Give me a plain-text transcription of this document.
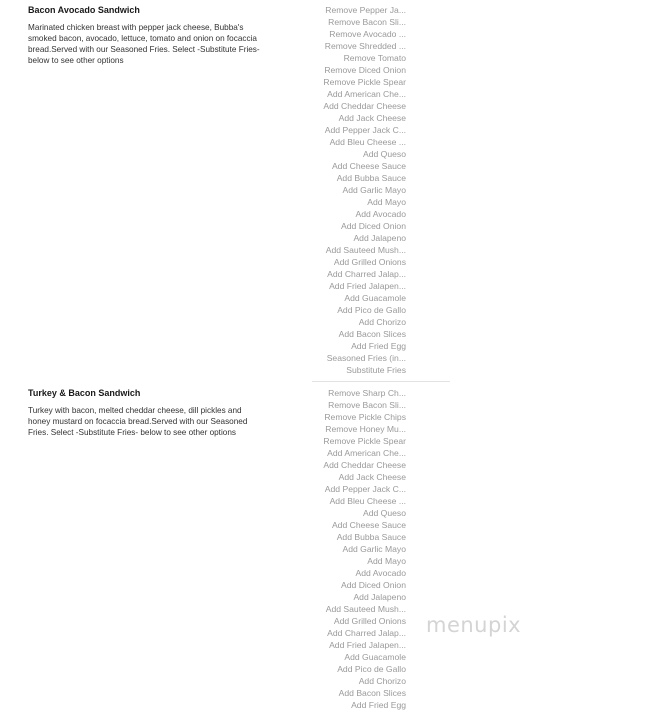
Bacon Avocado Sandwich
Marinated chicken breast with pepper jack cheese, Bubba's smoked bacon, avocado, lettuce, tomato and onion on focaccia bread.Served with our Seasoned Fries. Select -Substitute Fries- below to see other options
Remove Pepper Ja...
Remove Bacon Sli...
Remove Avocado ...
Remove Shredded ...
Remove Tomato
Remove Diced Onion
Remove Pickle Spear
Add American Che...
Add Cheddar Cheese
Add Jack Cheese
Add Pepper Jack C...
Add Bleu Cheese ...
Add Queso
Add Cheese Sauce
Add Bubba Sauce
Add Garlic Mayo
Add Mayo
Add Avocado
Add Diced Onion
Add Jalapeno
Add Sauteed Mush...
Add Grilled Onions
Add Charred Jalap...
Add Fried Jalapen...
Add Guacamole
Add Pico de Gallo
Add Chorizo
Add Bacon Slices
Add Fried Egg
Seasoned Fries (in...
Substitute Fries
Turkey & Bacon Sandwich
Turkey with bacon, melted cheddar cheese, dill pickles and honey mustard on focaccia bread.Served with our Seasoned Fries. Select -Substitute Fries- below to see other options
Remove Sharp Ch...
Remove Bacon Sli...
Remove Pickle Chips
Remove Honey Mu...
Remove Pickle Spear
Add American Che...
Add Cheddar Cheese
Add Jack Cheese
Add Pepper Jack C...
Add Bleu Cheese ...
Add Queso
Add Cheese Sauce
Add Bubba Sauce
Add Garlic Mayo
Add Mayo
Add Avocado
Add Diced Onion
Add Jalapeno
Add Sauteed Mush...
Add Grilled Onions
Add Charred Jalap...
Add Fried Jalapen...
Add Guacamole
Add Pico de Gallo
Add Chorizo
Add Bacon Slices
Add Fried Egg
menupix
